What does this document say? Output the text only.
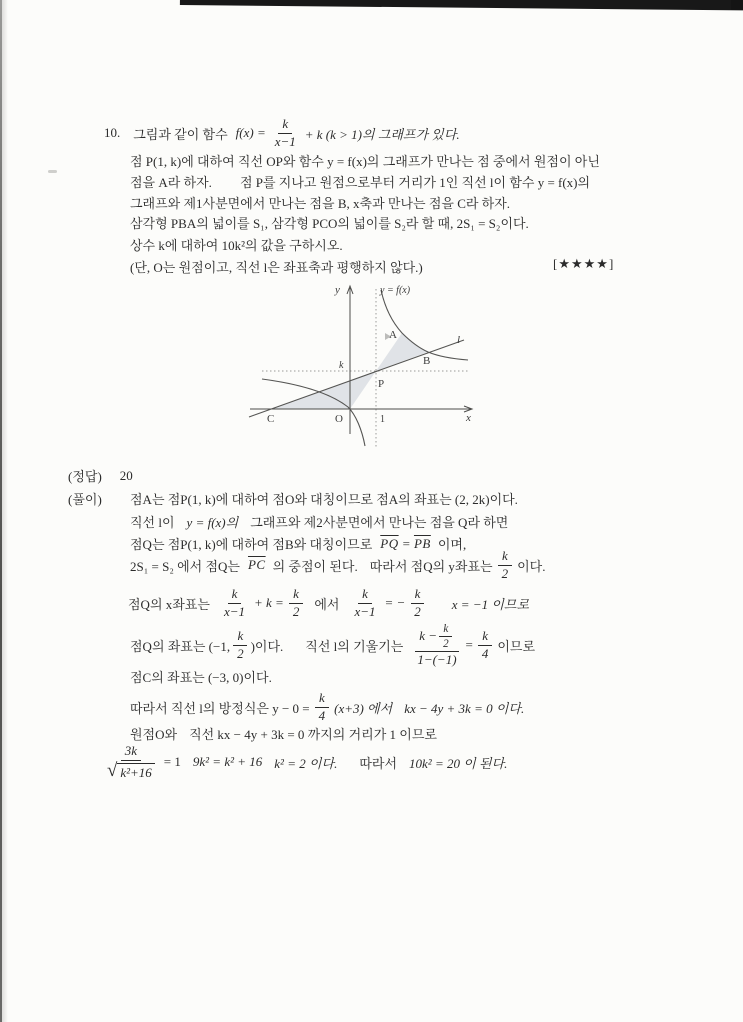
10. 그림과 같이 함수 $f(x) = \frac{k}{x-1} + k$ (k > 1)의 그래프가 있다.
점 P(1, k)에 대하여 직선 OP와 함수 y = f(x)의 그래프가 만나는 점 중에서 원점이 아닌
점을 A라 하자. 점 P를 지나고 원점으로부터 거리가 1인 직선 l이 함수 y = f(x)의
그래프와 제1사분면에서 만나는 점을 B, x축과 만나는 점을 C라 하자.
삼각형 PBA의 넓이를 S₁, 삼각형 PCO의 넓이를 S₂라 할 때, 2S₁ = S₂이다.
상수 k에 대하여 10k²의 값을 구하시오.
(단, O는 원점이고, 직선 l은 좌표축과 평행하지 않다.)	[★★★★]
y	y = f(x)
l
x
k
1
P
A
B
C	O
(정답) 20
(풀이) 점A는 점P(1, k)에 대하여 점O와 대칭이므로 점A의 좌표는 (2, 2k)이다.
직선 l이 y = f(x)의 그래프와 제2사분면에서 만나는 점을 Q라 하면
점Q는 점P(1, k)에 대하여 점B와 대칭이므로 $\overline{PQ} = \overline{PB}$ 이며,
2S₁ = S₂ 에서 점Q는 $\overline{PC}$ 의 중점이 된다. 따라서 점Q의 y좌표는 $\frac{k}{2}$ 이다.
점Q의 x좌표는 $\frac{k}{x-1} + k = \frac{k}{2}$ 에서 $\frac{k}{x-1}$ = − $\frac{k}{2}$ x = −1 이므로
점Q의 좌표는 (−1, $\frac{k}{2}$ )이다. 직선 l의 기울기는 $\frac{k - \frac{k}{2}}{1-(-1)} = \frac{k}{4}$ 이므로
점C의 좌표는 (−3, 0)이다.
따라서 직선 l의 방정식은 $y - 0 = \frac{k}{4} (x+3)$ 에서 kx − 4y + 3k = 0 이다.
원점O와 직선 kx − 4y + 3k = 0 까지의 거리가 1 이므로
$\frac{3k}{\text{√ k²+16}} = 1$ 9k² = k² + 16 k² = 2 이다. 따라서 10k² = 20 이 된다.
